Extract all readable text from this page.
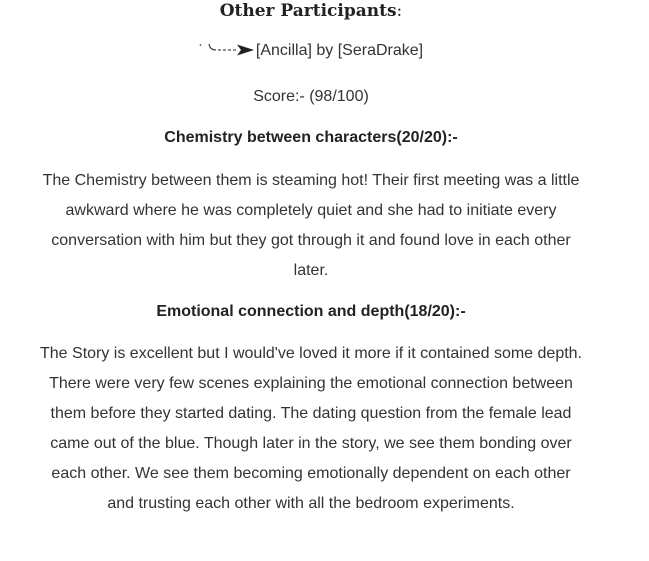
Other Participants:
[Ancilla] by [SeraDrake]
Score:- (98/100)
Chemistry between characters(20/20):-

The Chemistry between them is steaming hot! Their first meeting was a little awkward where he was completely quiet and she had to initiate every conversation with him but they got through it and found love in each other later.

Emotional connection and depth(18/20):-

The Story is excellent but I would've loved it more if it contained some depth. There were very few scenes explaining the emotional connection between them before they started dating. The dating question from the female lead came out of the blue. Though later in the story, we see them bonding over each other. We see them becoming emotionally dependent on each other and trusting each other with all the bedroom experiments.
